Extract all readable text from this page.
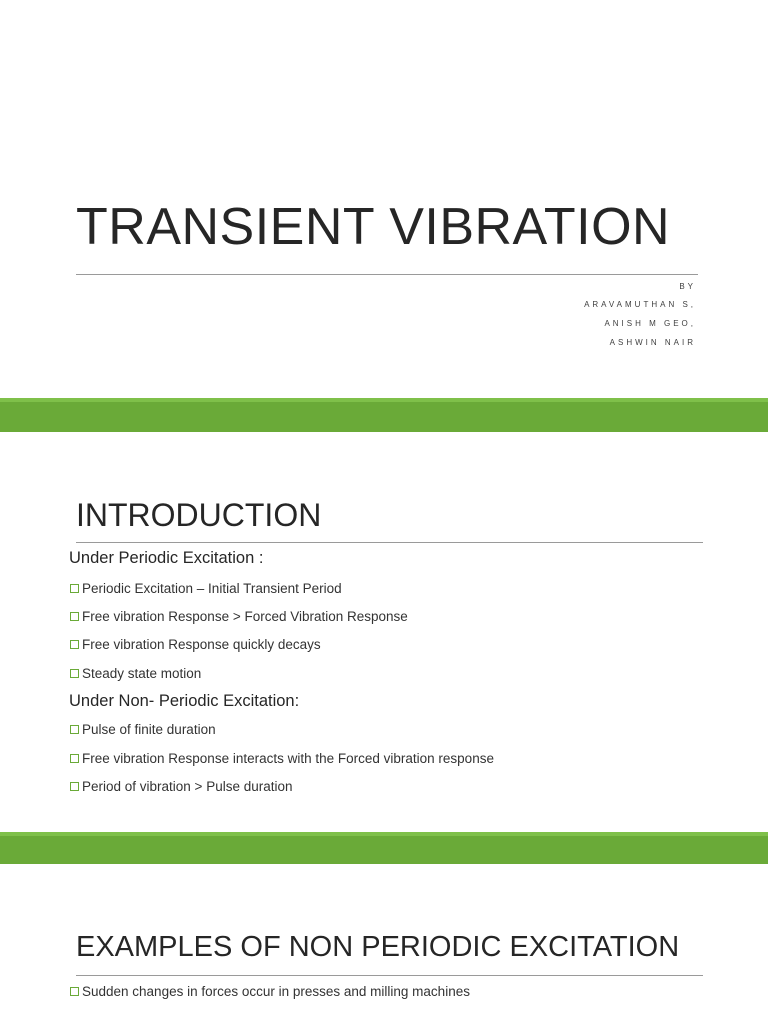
TRANSIENT VIBRATION
BY
ARAVAMUTHAN S,
ANISH M GEO,
ASHWIN NAIR
INTRODUCTION
Under Periodic Excitation :
Periodic Excitation – Initial Transient Period
Free vibration Response > Forced Vibration Response
Free vibration Response quickly decays
Steady state motion
Under Non- Periodic Excitation:
Pulse of finite duration
Free vibration Response interacts with the Forced vibration response
Period of vibration > Pulse duration
EXAMPLES OF NON PERIODIC EXCITATION
Sudden changes in forces occur in presses and milling machines
